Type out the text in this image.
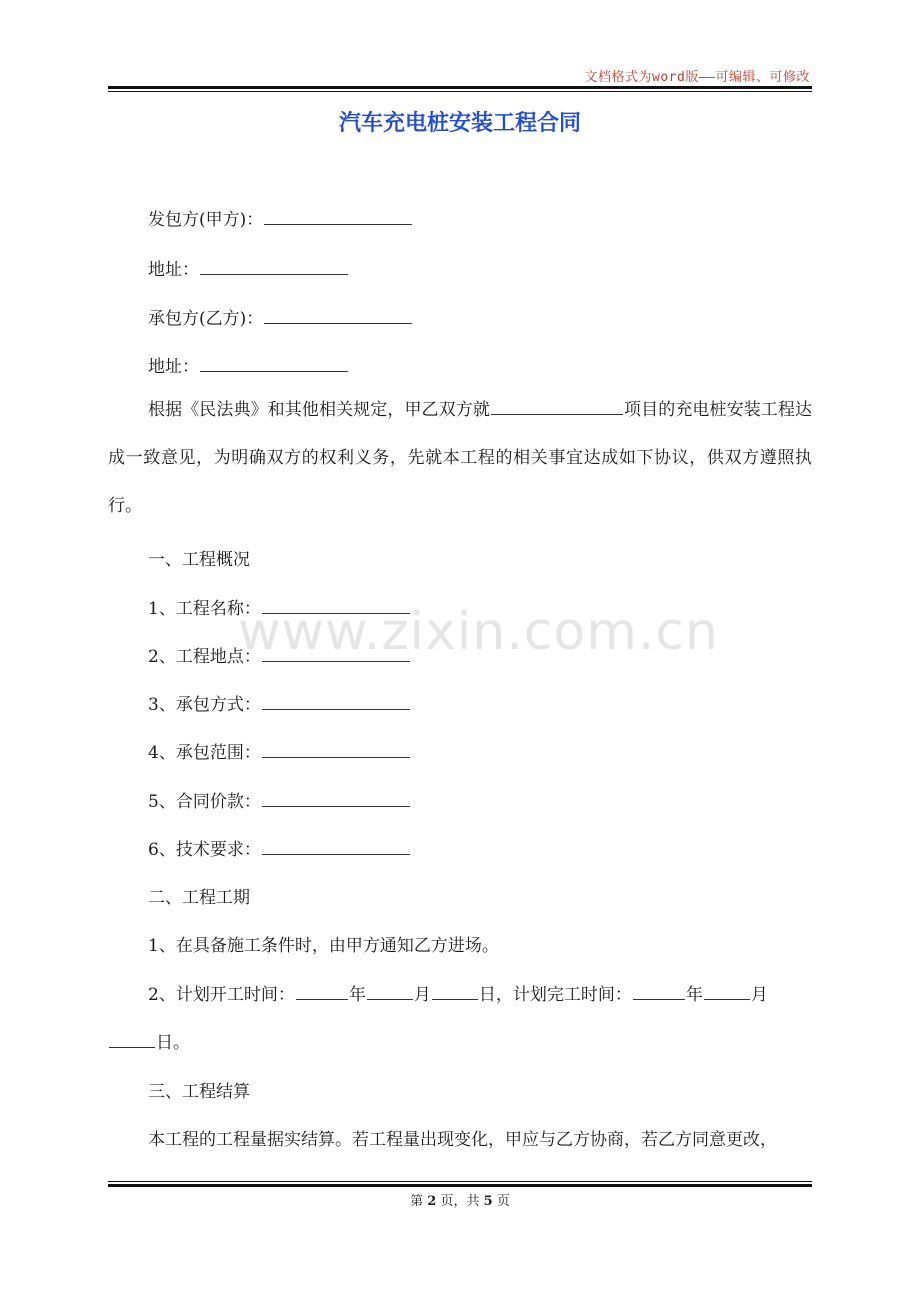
文档格式为word版——可编辑、可修改
汽车充电桩安装工程合同
发包方(甲方)：
地址：
承包方(乙方)：
地址：
根据《民法典》和其他相关规定，甲乙双方就	项目的充电桩安装工程达成一致意见，为明确双方的权利义务，先就本工程的相关事宜达成如下协议，供双方遵照执行。
一、工程概况
1、工程名称：
2、工程地点：
3、承包方式：
4、承包范围：
5、合同价款：
6、技术要求：
二、工程工期
1、在具备施工条件时，由甲方通知乙方进场。
2、计划开工时间：	年	月	日，计划完工时间：	年	月
日。
三、工程结算
本工程的工程量据实结算。若工程量出现变化，甲应与乙方协商，若乙方同意更改，
www.zixin.com.cn
第 2 页，共 5 页
